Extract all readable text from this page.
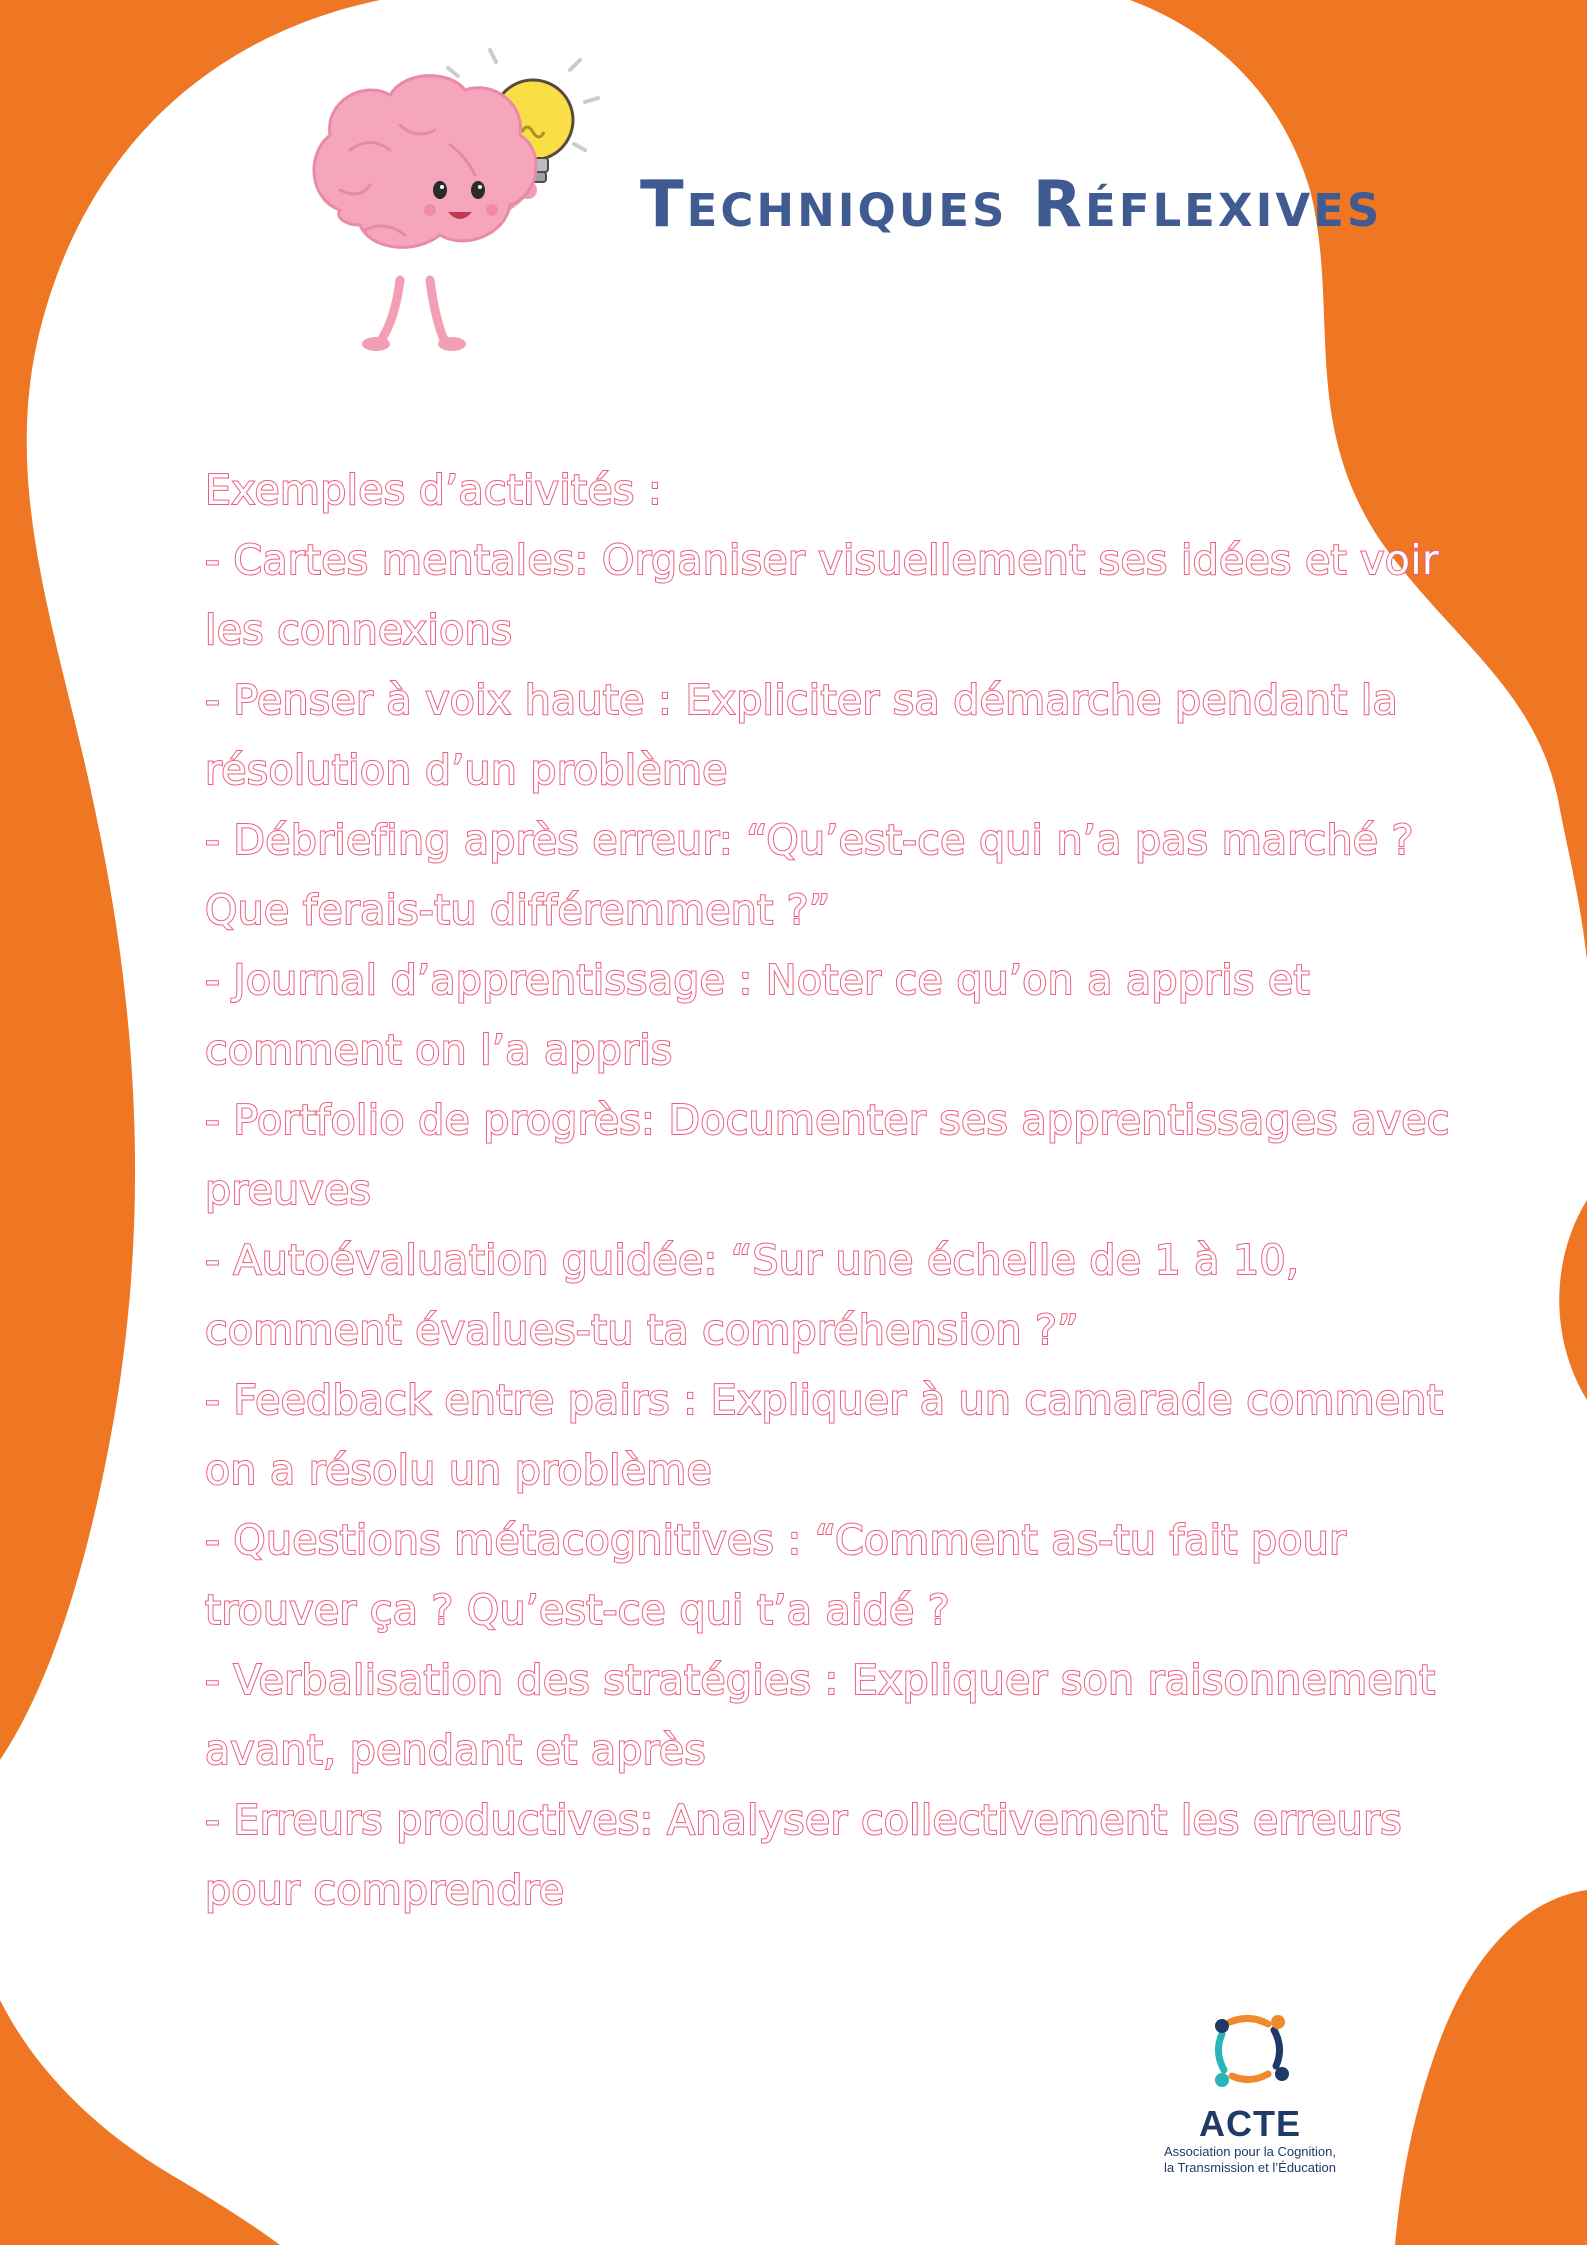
Techniques Réflexives

Exemples d’activités :

- Cartes mentales: Organiser visuellement ses idées et voir les connexions

- Penser à voix haute : Expliciter sa démarche pendant la résolution d’un problème

- Débriefing après erreur: “Qu’est-ce qui n’a pas marché ? Que ferais-tu différemment ?”

- Journal d’apprentissage : Noter ce qu’on a appris et comment on l’a appris

- Portfolio de progrès: Documenter ses apprentissages avec preuves

- Autoévaluation guidée: “Sur une échelle de 1 à 10, comment évalues-tu ta compréhension ?”

- Feedback entre pairs : Expliquer à un camarade comment on a résolu un problème

- Questions métacognitives : “Comment as-tu fait pour trouver ça ? Qu’est-ce qui t’a aidé ?

- Verbalisation des stratégies : Expliquer son raisonnement avant, pendant et après

- Erreurs productives: Analyser collectivement les erreurs pour comprendre

ACTE
Association pour la Cognition,
la Transmission et l’Éducation
